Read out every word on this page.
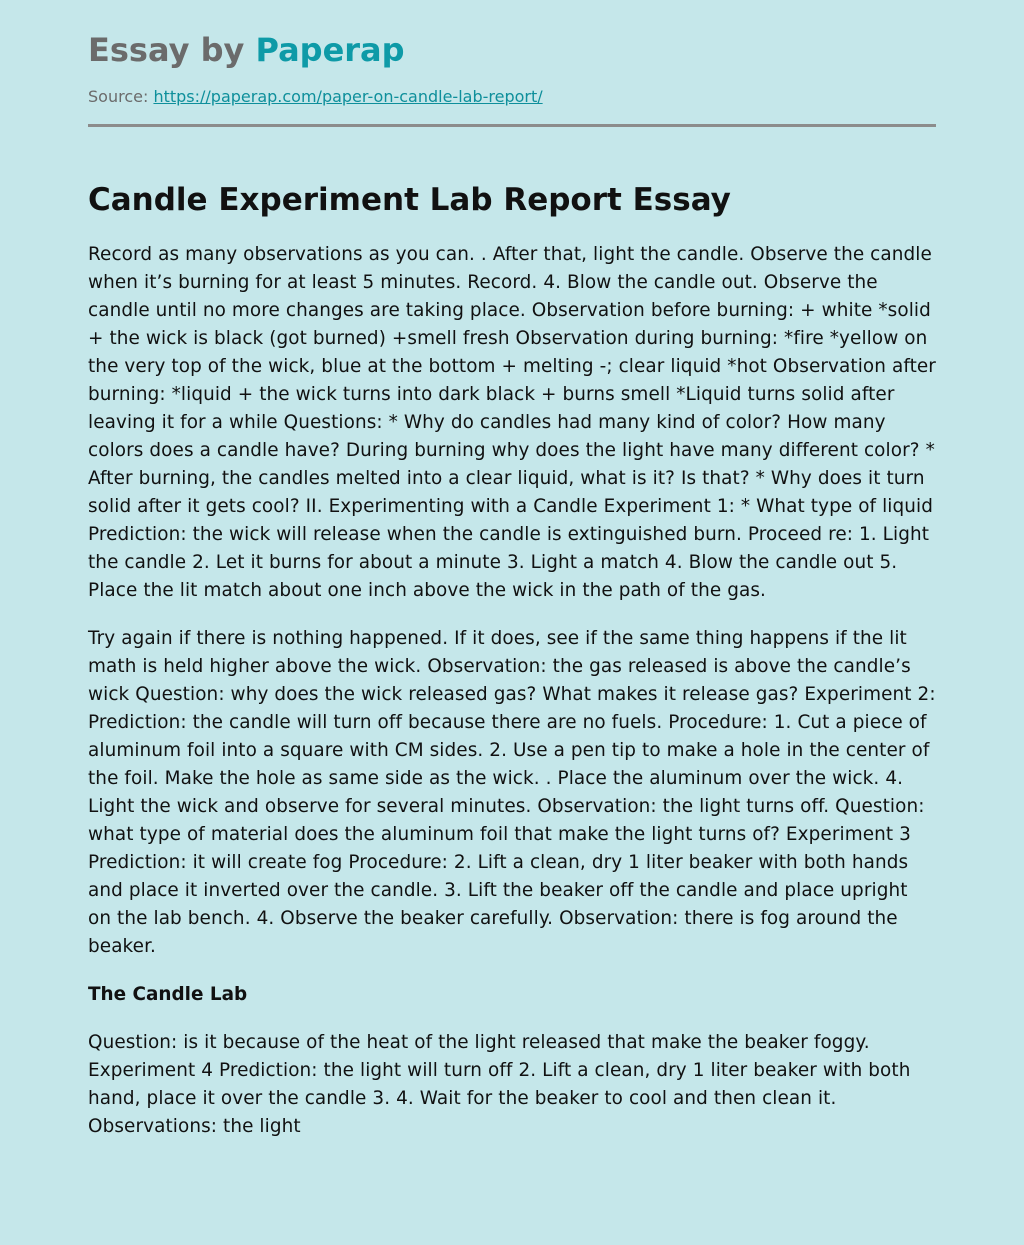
Essay by Paperap
Source: https://paperap.com/paper-on-candle-lab-report/
Candle Experiment Lab Report Essay

Record as many observations as you can. . After that, light the candle. Observe the candle when it’s burning for at least 5 minutes. Record. 4. Blow the candle out. Observe the candle until no more changes are taking place. Observation before burning: + white *solid + the wick is black (got burned) +smell fresh Observation during burning: *fire *yellow on the very top of the wick, blue at the bottom + melting -; clear liquid *hot Observation after burning: *liquid + the wick turns into dark black + burns smell *Liquid turns solid after leaving it for a while Questions: * Why do candles had many kind of color? How many colors does a candle have? During burning why does the light have many different color? * After burning, the candles melted into a clear liquid, what is it? Is that? * Why does it turn solid after it gets cool? II. Experimenting with a Candle Experiment 1: * What type of liquid Prediction: the wick will release when the candle is extinguished burn. Proceed re: 1. Light the candle 2. Let it burns for about a minute 3. Light a match 4. Blow the candle out 5. Place the lit match about one inch above the wick in the path of the gas.

Try again if there is nothing happened. If it does, see if the same thing happens if the lit math is held higher above the wick. Observation: the gas released is above the candle’s wick Question: why does the wick released gas? What makes it release gas? Experiment 2: Prediction: the candle will turn off because there are no fuels. Procedure: 1. Cut a piece of aluminum foil into a square with CM sides. 2. Use a pen tip to make a hole in the center of the foil. Make the hole as same side as the wick. . Place the aluminum over the wick. 4. Light the wick and observe for several minutes. Observation: the light turns off. Question: what type of material does the aluminum foil that make the light turns of? Experiment 3 Prediction: it will create fog Procedure: 2. Lift a clean, dry 1 liter beaker with both hands and place it inverted over the candle. 3. Lift the beaker off the candle and place upright on the lab bench. 4. Observe the beaker carefully. Observation: there is fog around the beaker.

The Candle Lab

Question: is it because of the heat of the light released that make the beaker foggy. Experiment 4 Prediction: the light will turn off 2. Lift a clean, dry 1 liter beaker with both hand, place it over the candle 3. 4. Wait for the beaker to cool and then clean it. Observations: the light
